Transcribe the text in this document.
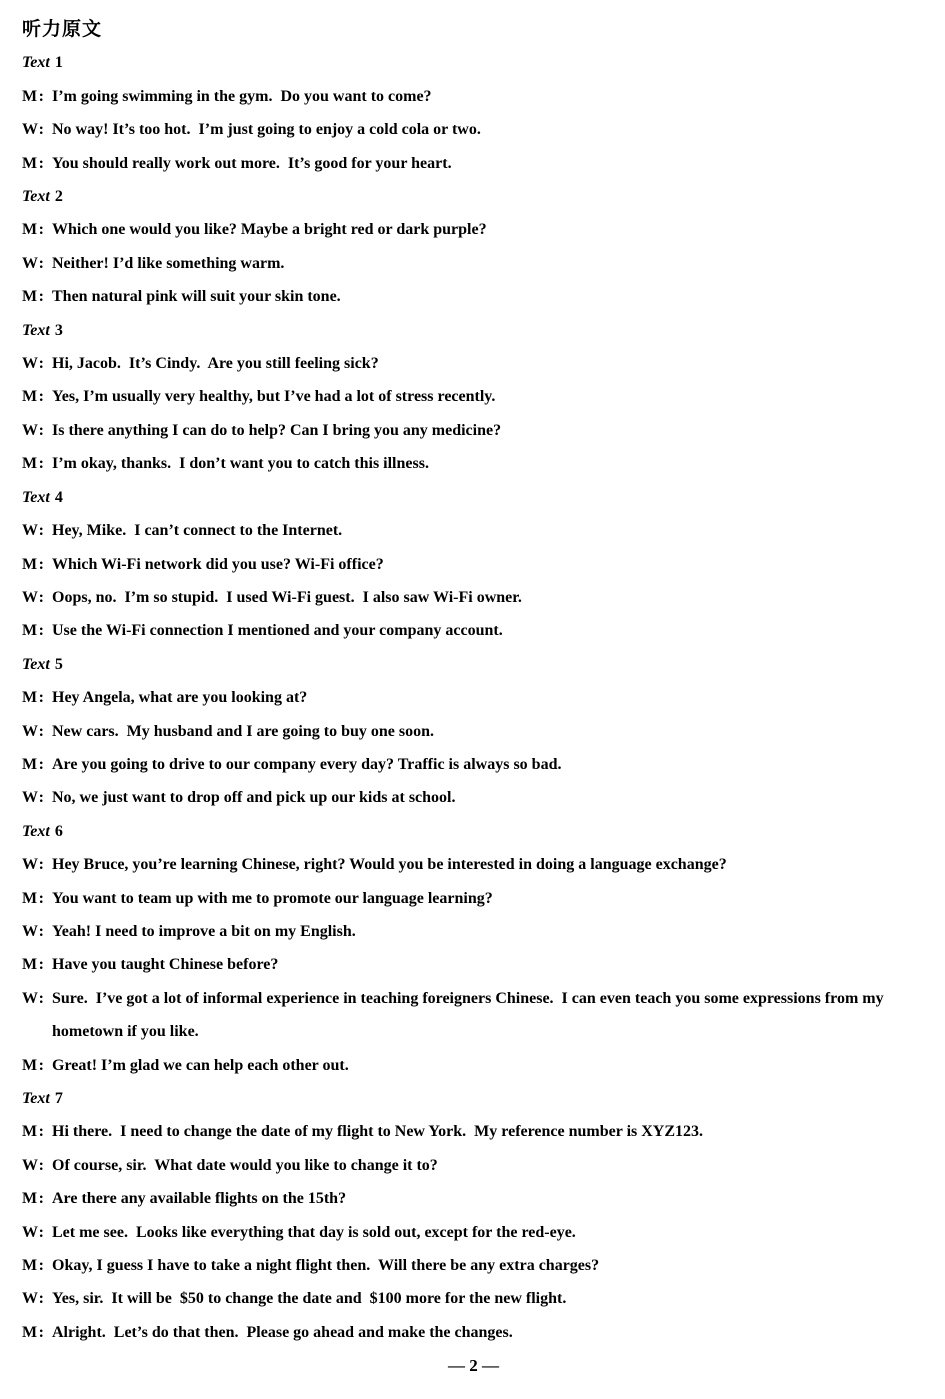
听力原文
Text 1
M: I’m going swimming in the gym.  Do you want to come?
W: No way! It’s too hot.  I’m just going to enjoy a cold cola or two.
M: You should really work out more.  It’s good for your heart.
Text 2
M: Which one would you like? Maybe a bright red or dark purple?
W: Neither! I’d like something warm.
M: Then natural pink will suit your skin tone.
Text 3
W: Hi, Jacob.  It’s Cindy.  Are you still feeling sick?
M: Yes, I’m usually very healthy, but I’ve had a lot of stress recently.
W: Is there anything I can do to help? Can I bring you any medicine?
M: I’m okay, thanks.  I don’t want you to catch this illness.
Text 4
W: Hey, Mike.  I can’t connect to the Internet.
M: Which Wi-Fi network did you use? Wi-Fi office?
W: Oops, no.  I’m so stupid.  I used Wi-Fi guest.  I also saw Wi-Fi owner.
M: Use the Wi-Fi connection I mentioned and your company account.
Text 5
M: Hey Angela, what are you looking at?
W: New cars.  My husband and I are going to buy one soon.
M: Are you going to drive to our company every day? Traffic is always so bad.
W: No, we just want to drop off and pick up our kids at school.
Text 6
W: Hey Bruce, you’re learning Chinese, right? Would you be interested in doing a language exchange?
M: You want to team up with me to promote our language learning?
W: Yeah! I need to improve a bit on my English.
M: Have you taught Chinese before?
W: Sure.  I’ve got a lot of informal experience in teaching foreigners Chinese.  I can even teach you some expressions from my hometown if you like.
M: Great! I’m glad we can help each other out.
Text 7
M: Hi there.  I need to change the date of my flight to New York.  My reference number is XYZ123.
W: Of course, sir.  What date would you like to change it to?
M: Are there any available flights on the 15th?
W: Let me see.  Looks like everything that day is sold out, except for the red-eye.
M: Okay, I guess I have to take a night flight then.  Will there be any extra charges?
W: Yes, sir.  It will be  $50 to change the date and  $100 more for the new flight.
M: Alright.  Let’s do that then.  Please go ahead and make the changes.
— 2 —
